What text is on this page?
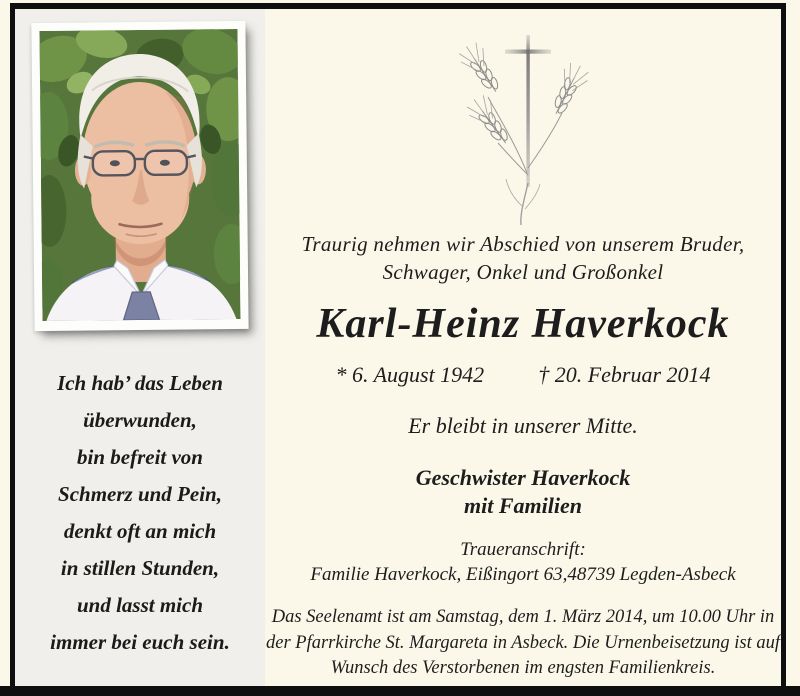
Ich hab’ das Leben
überwunden,
bin befreit von
Schmerz und Pein,
denkt oft an mich
in stillen Stunden,
und lasst mich
immer bei euch sein.
Traurig nehmen wir Abschied von unserem Bruder,
Schwager, Onkel und Großonkel
Karl-Heinz Haverkock
* 6. August 1942 † 20. Februar 2014
Er bleibt in unserer Mitte.
Geschwister Haverkock
mit Familien
Traueranschrift:
Familie Haverkock, Eißingort 63,48739 Legden-Asbeck
Das Seelenamt ist am Samstag, dem 1. März 2014, um 10.00 Uhr in
der Pfarrkirche St. Margareta in Asbeck. Die Urnenbeisetzung ist auf
Wunsch des Verstorbenen im engsten Familienkreis.
